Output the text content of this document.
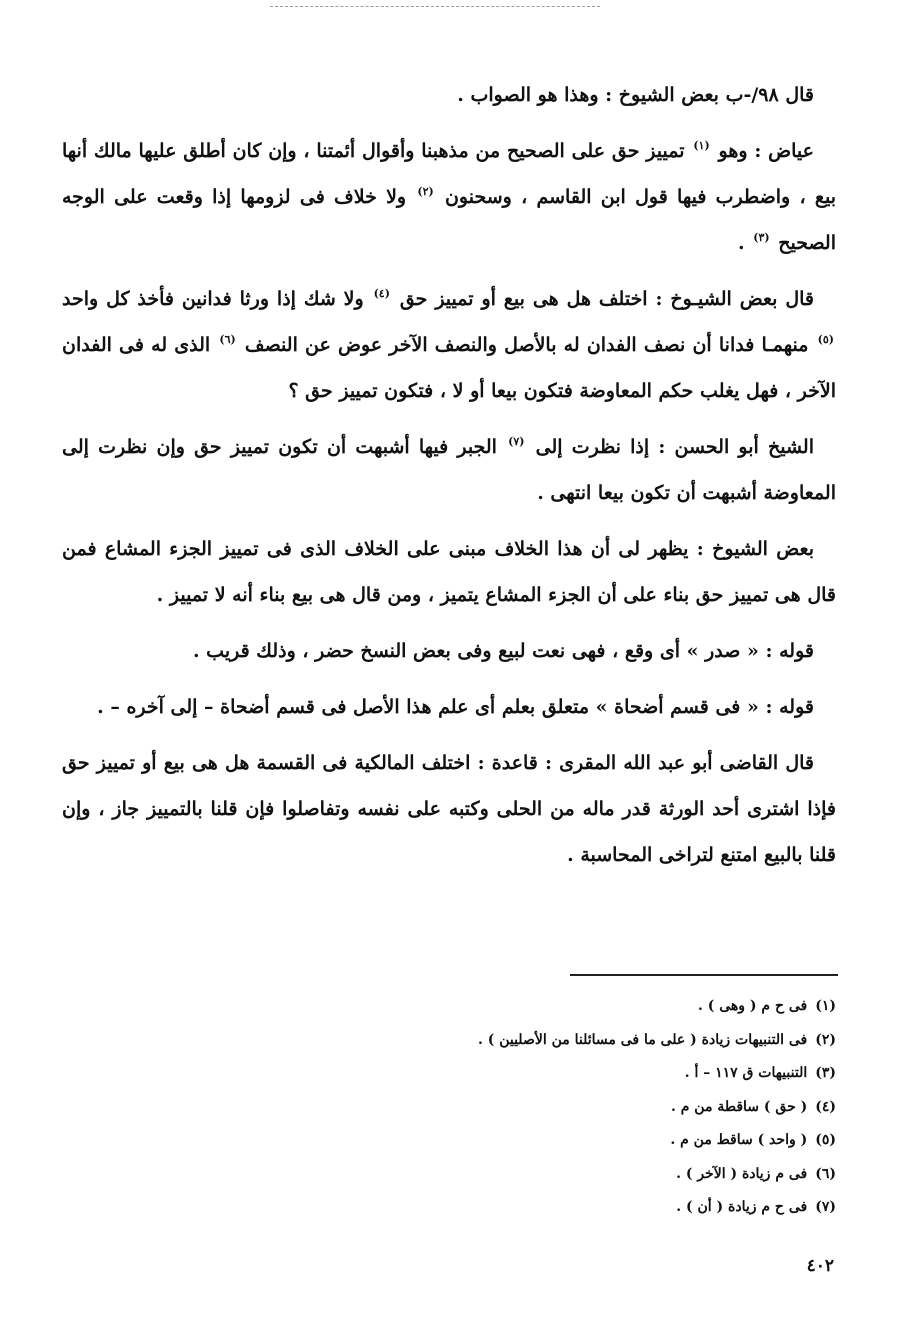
قال ٩٨/-ب بعض الشيوخ : وهذا هو الصواب .

عياض : وهو $^{(١)}$ تمييز حق على الصحيح من مذهبنا وأقوال أئمتنا ، وإن كان أطلق عليها مالك أنها بيع ، واضطرب فيها قول ابن القاسم ، وسحنون $^{(٢)}$ ولا خلاف فى لزومها إذا وقعت على الوجه الصحيح $^{(٣)}$ .

قال بعض الشيـوخ : اختلف هل هى بيع أو تمييز حق $^{(٤)}$ ولا شك إذا ورثا فدانين فأخذ كل واحد $^{(٥)}$ منهمـا فدانا أن نصف الفدان له بالأصل والنصف الآخر عوض عن النصف $^{(٦)}$ الذى له فى الفدان الآخر ، فهل يغلب حكم المعاوضة فتكون بيعا أو لا ، فتكون تمييز حق ؟

الشيخ أبو الحسن : إذا نظرت إلى $^{(٧)}$ الجبر فيها أشبهت أن تكون تمييز حق وإن نظرت إلى المعاوضة أشبهت أن تكون بيعا انتهى .

بعض الشيوخ : يظهر لى أن هذا الخلاف مبنى على الخلاف الذى فى تمييز الجزء المشاع فمن قال هى تمييز حق بناء على أن الجزء المشاع يتميز ، ومن قال هى بيع بناء أنه لا تمييز .

قوله : « صدر » أى وقع ، فهى نعت لبيع وفى بعض النسخ حضر ، وذلك قريب .

قوله : « فى قسم أضحاة » متعلق بعلم أى علم هذا الأصل فى قسم أضحاة – إلى آخره – .

قال القاضى أبو عبد الله المقرى : قاعدة : اختلف المالكية فى القسمة هل هى بيع أو تمييز حق فإذا اشترى أحد الورثة قدر ماله من الحلى وكتبه على نفسه وتفاصلوا فإن قلنا بالتمييز جاز ، وإن قلنا بالبيع امتنع لتراخى المحاسبة .

(١)فى ح م ( وهى ) .
(٢)فى التنبيهات زيادة ( على ما فى مسائلنا من الأصليين ) .
(٣)التنبيهات ق ١١٧ – أ .
(٤)( حق ) ساقطة من م .
(٥)( واحد ) ساقط من م .
(٦)فى م زيادة ( الآخر ) .
(٧)فى ح م زيادة ( أن ) .
٤٠٢
